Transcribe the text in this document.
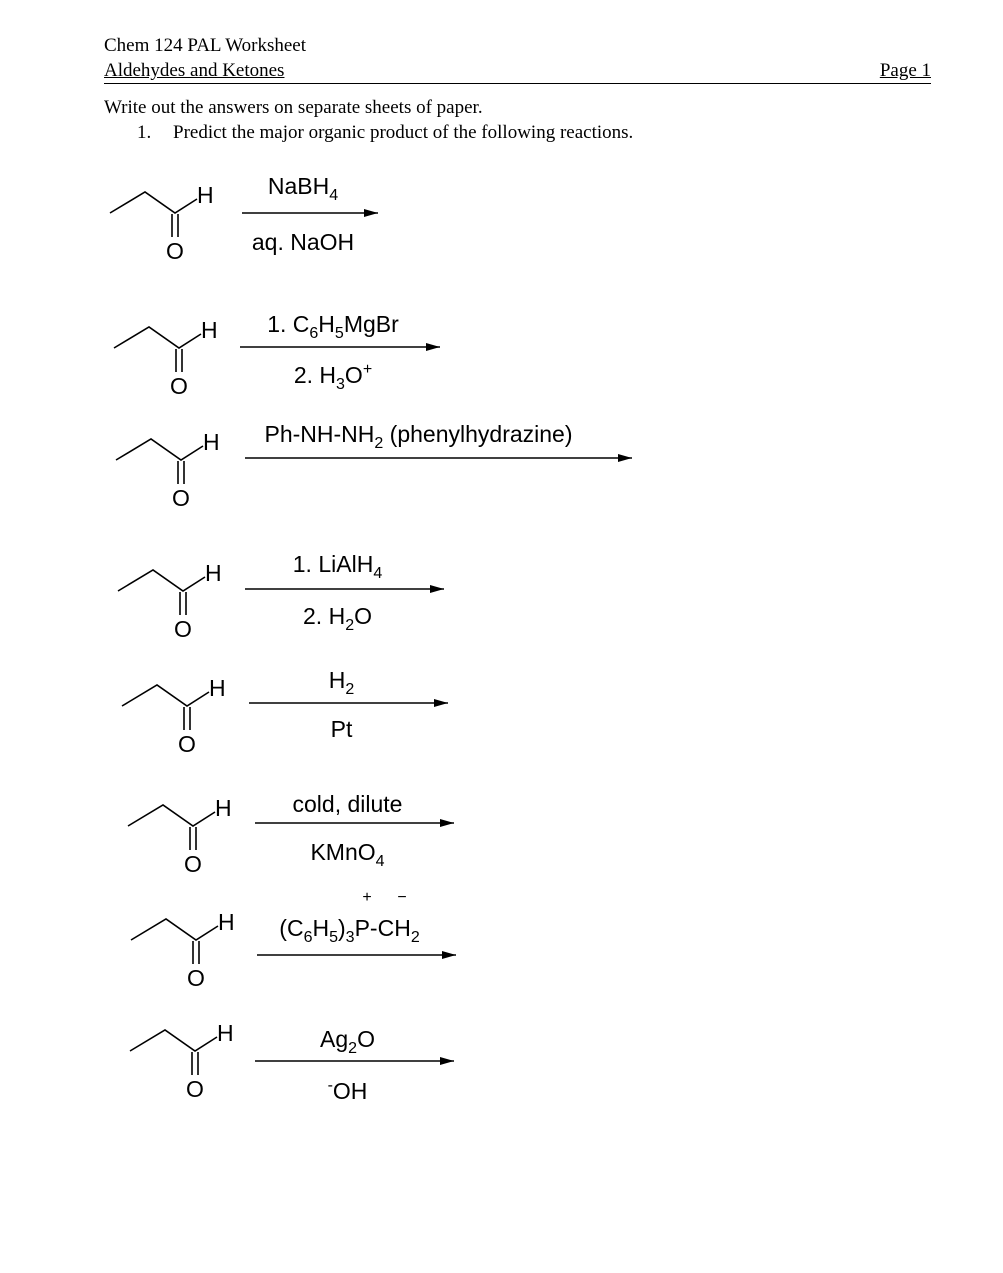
Chem 124 PAL Worksheet
Aldehydes and Ketones	Page 1
Write out the answers on separate sheets of paper.
1. Predict the major organic product of the following reactions.
H
O
NaBH$_4$
aq. NaOH
H
O
1. $C_6H_5MgBr$
2. $H_3O^+$
H
O
$Ph-NH-NH_2$ (phenylhydrazine)
H
O
1. LiAlH$_4$
2. $H_2O$
H
O
$H_2$
Pt
H
O
cold, dilute
KMnO$_4$
H
O
+ −
$(C_6H_5)_3P-CH_2$
H
O
$Ag_2O$
-OH
